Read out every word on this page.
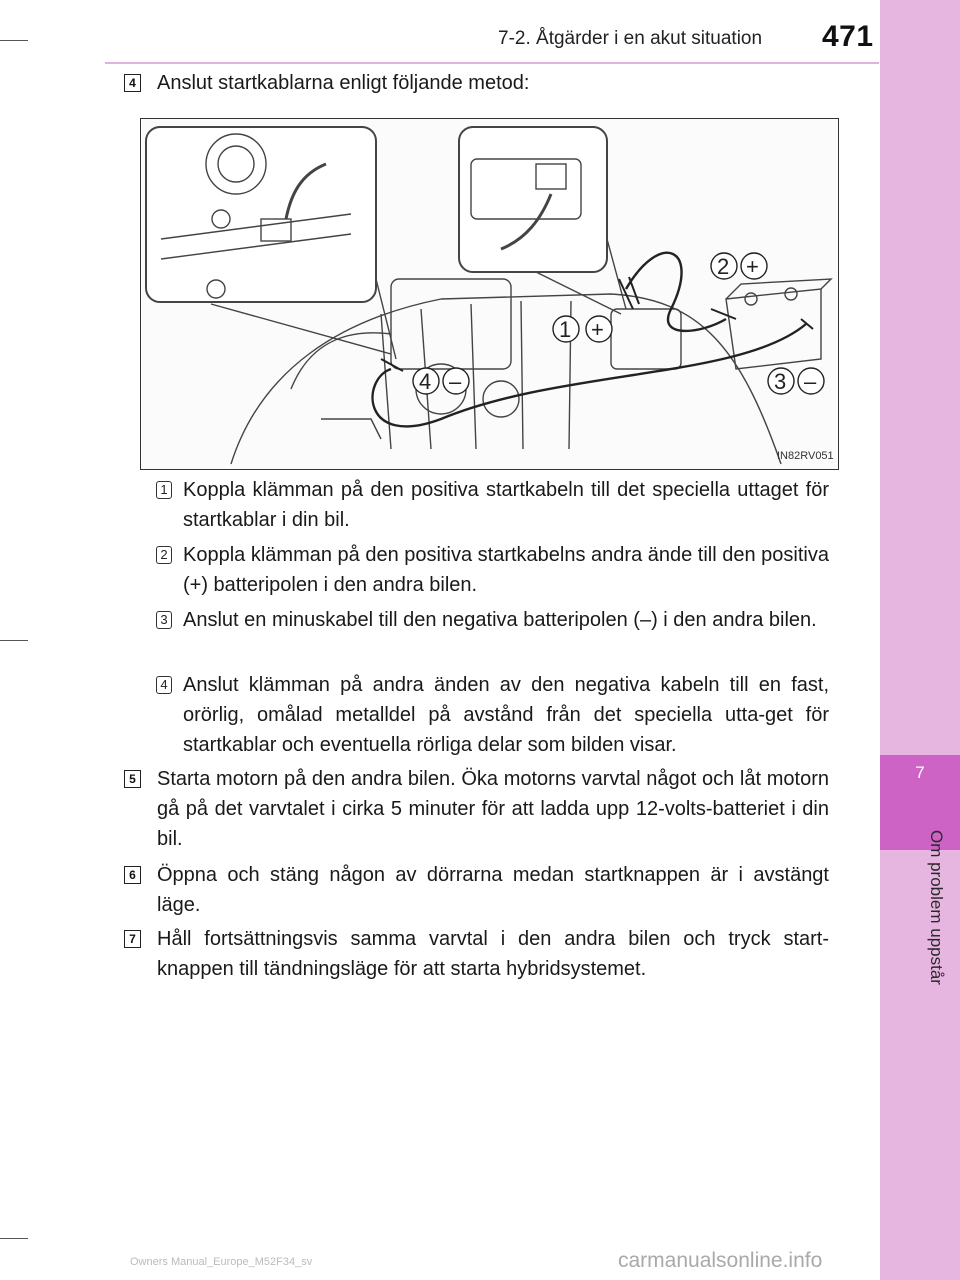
7
Om problem uppstår
7-2. Åtgärder i en akut situation 471
4 Anslut startkablarna enligt följande metod:
1 +
2 +
3 –
4 –
IN82RV051
1 Koppla klämman på den positiva startkabeln till det speciella uttaget för startkablar i din bil.
2 Koppla klämman på den positiva startkabelns andra ände till den positiva (+) batteripolen i den andra bilen.
3 Anslut en minuskabel till den negativa batteripolen (–) i den andra bilen.
4 Anslut klämman på andra änden av den negativa kabeln till en fast, orörlig, omålad metalldel på avstånd från det speciella utta-get för startkablar och eventuella rörliga delar som bilden visar.
5 Starta motorn på den andra bilen. Öka motorns varvtal något och låt motorn gå på det varvtalet i cirka 5 minuter för att ladda upp 12-volts-batteriet i din bil.
6 Öppna och stäng någon av dörrarna medan startknappen är i avstängt läge.
7 Håll fortsättningsvis samma varvtal i den andra bilen och tryck start-knappen till tändningsläge för att starta hybridsystemet.
Owners Manual_Europe_M52F34_sv	carmanualsonline.info
